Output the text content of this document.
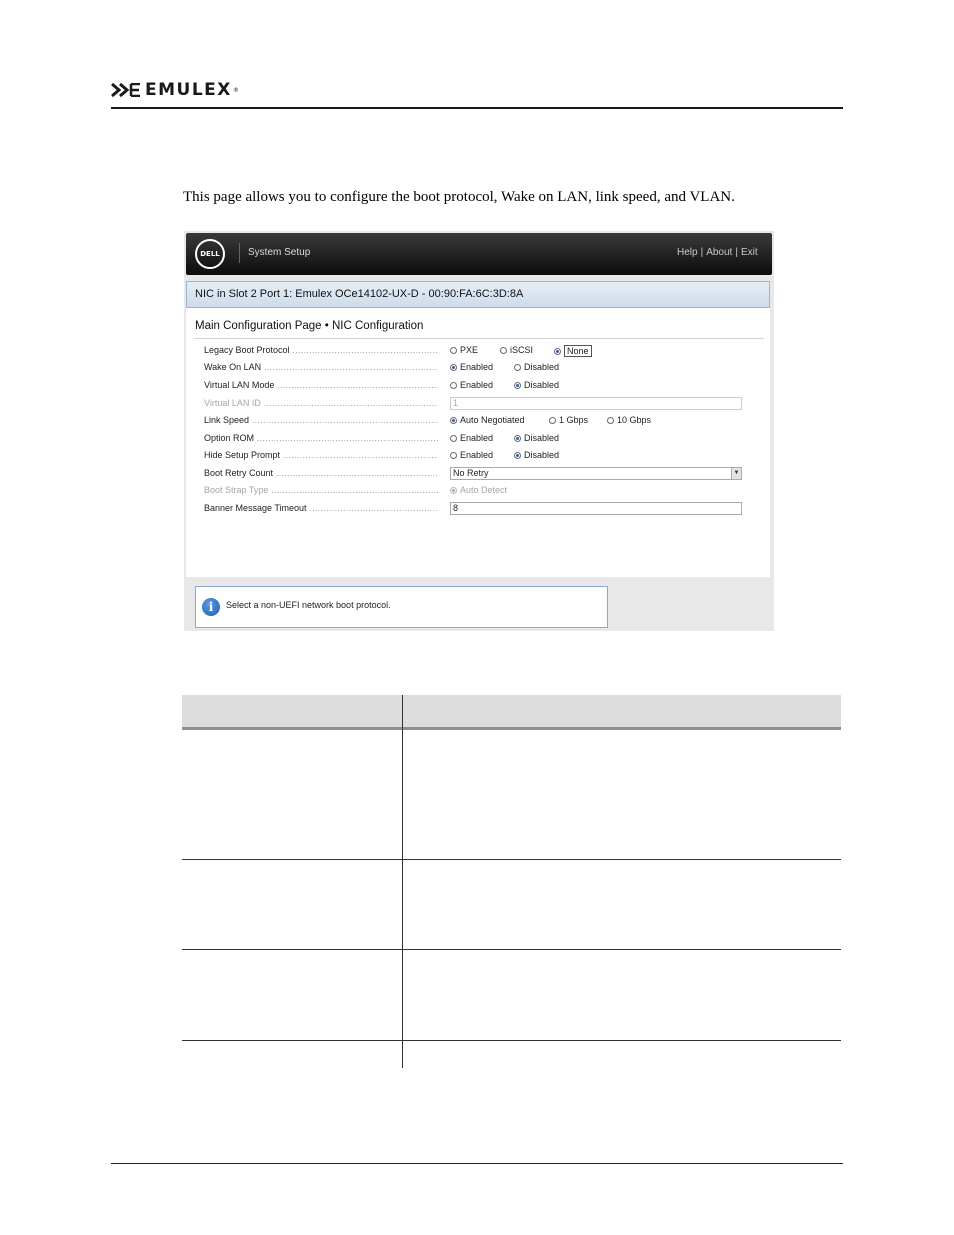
EMULEX ®
This page allows you to configure the boot protocol, Wake on LAN, link speed, and VLAN.
DELL	System Setup	Help | About | Exit
NIC in Slot 2 Port 1: Emulex OCe14102-UX-D - 00:90:FA:6C:3D:8A
Main Configuration Page • NIC Configuration
Legacy Boot Protocol .....	PXE	iSCSI	None
Wake On LAN .....	Enabled	Disabled
Virtual LAN Mode .....	Enabled	Disabled
Virtual LAN ID .....	1
Link Speed .....	Auto Negotiated	1 Gbps	10 Gbps
Option ROM .....	Enabled	Disabled
Hide Setup Prompt .....	Enabled	Disabled
Boot Retry Count .....	No Retry	▼
Boot Strap Type .....	Auto Detect
Banner Message Timeout .....	8
i	Select a non-UEFI network boot protocol.
